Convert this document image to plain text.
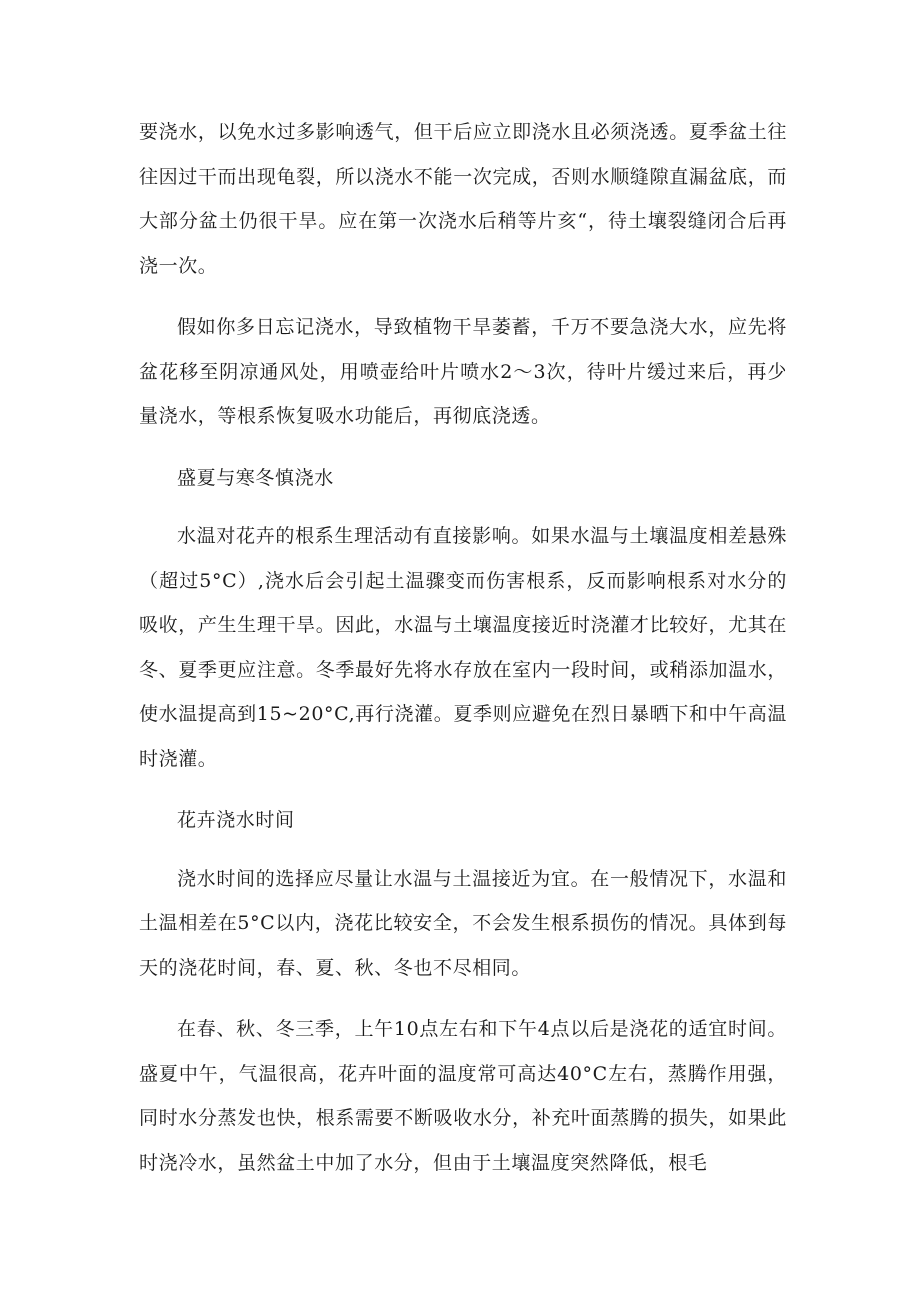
要浇水，以免水过多影响透气，但干后应立即浇水且必须浇透。夏季盆土往往因过干而出现龟裂，所以浇水不能一次完成，否则水顺缝隙直漏盆底，而大部分盆土仍很干旱。应在第一次浇水后稍等片亥“，待土壤裂缝闭合后再浇一次。

假如你多日忘记浇水，导致植物干旱萎蓄，千万不要急浇大水，应先将盆花移至阴凉通风处，用喷壶给叶片喷水2～3次，待叶片缓过来后，再少量浇水，等根系恢复吸水功能后，再彻底浇透。

盛夏与寒冬慎浇水

水温对花卉的根系生理活动有直接影响。如果水温与土壤温度相差悬殊（超过5°C）,浇水后会引起土温骤变而伤害根系，反而影响根系对水分的吸收，产生生理干旱。因此，水温与土壤温度接近时浇灌才比较好，尤其在冬、夏季更应注意。冬季最好先将水存放在室内一段时间，或稍添加温水，使水温提高到15~20°C,再行浇灌。夏季则应避免在烈日暴晒下和中午高温时浇灌。

花卉浇水时间

浇水时间的选择应尽量让水温与土温接近为宜。在一般情况下，水温和土温相差在5°C以内，浇花比较安全，不会发生根系损伤的情况。具体到每天的浇花时间，春、夏、秋、冬也不尽相同。

在春、秋、冬三季，上午10点左右和下午4点以后是浇花的适宜时间。盛夏中午，气温很高，花卉叶面的温度常可高达40°C左右，蒸腾作用强，同时水分蒸发也快，根系需要不断吸收水分，补充叶面蒸腾的损失，如果此时浇冷水，虽然盆土中加了水分，但由于土壤温度突然降低，根毛
